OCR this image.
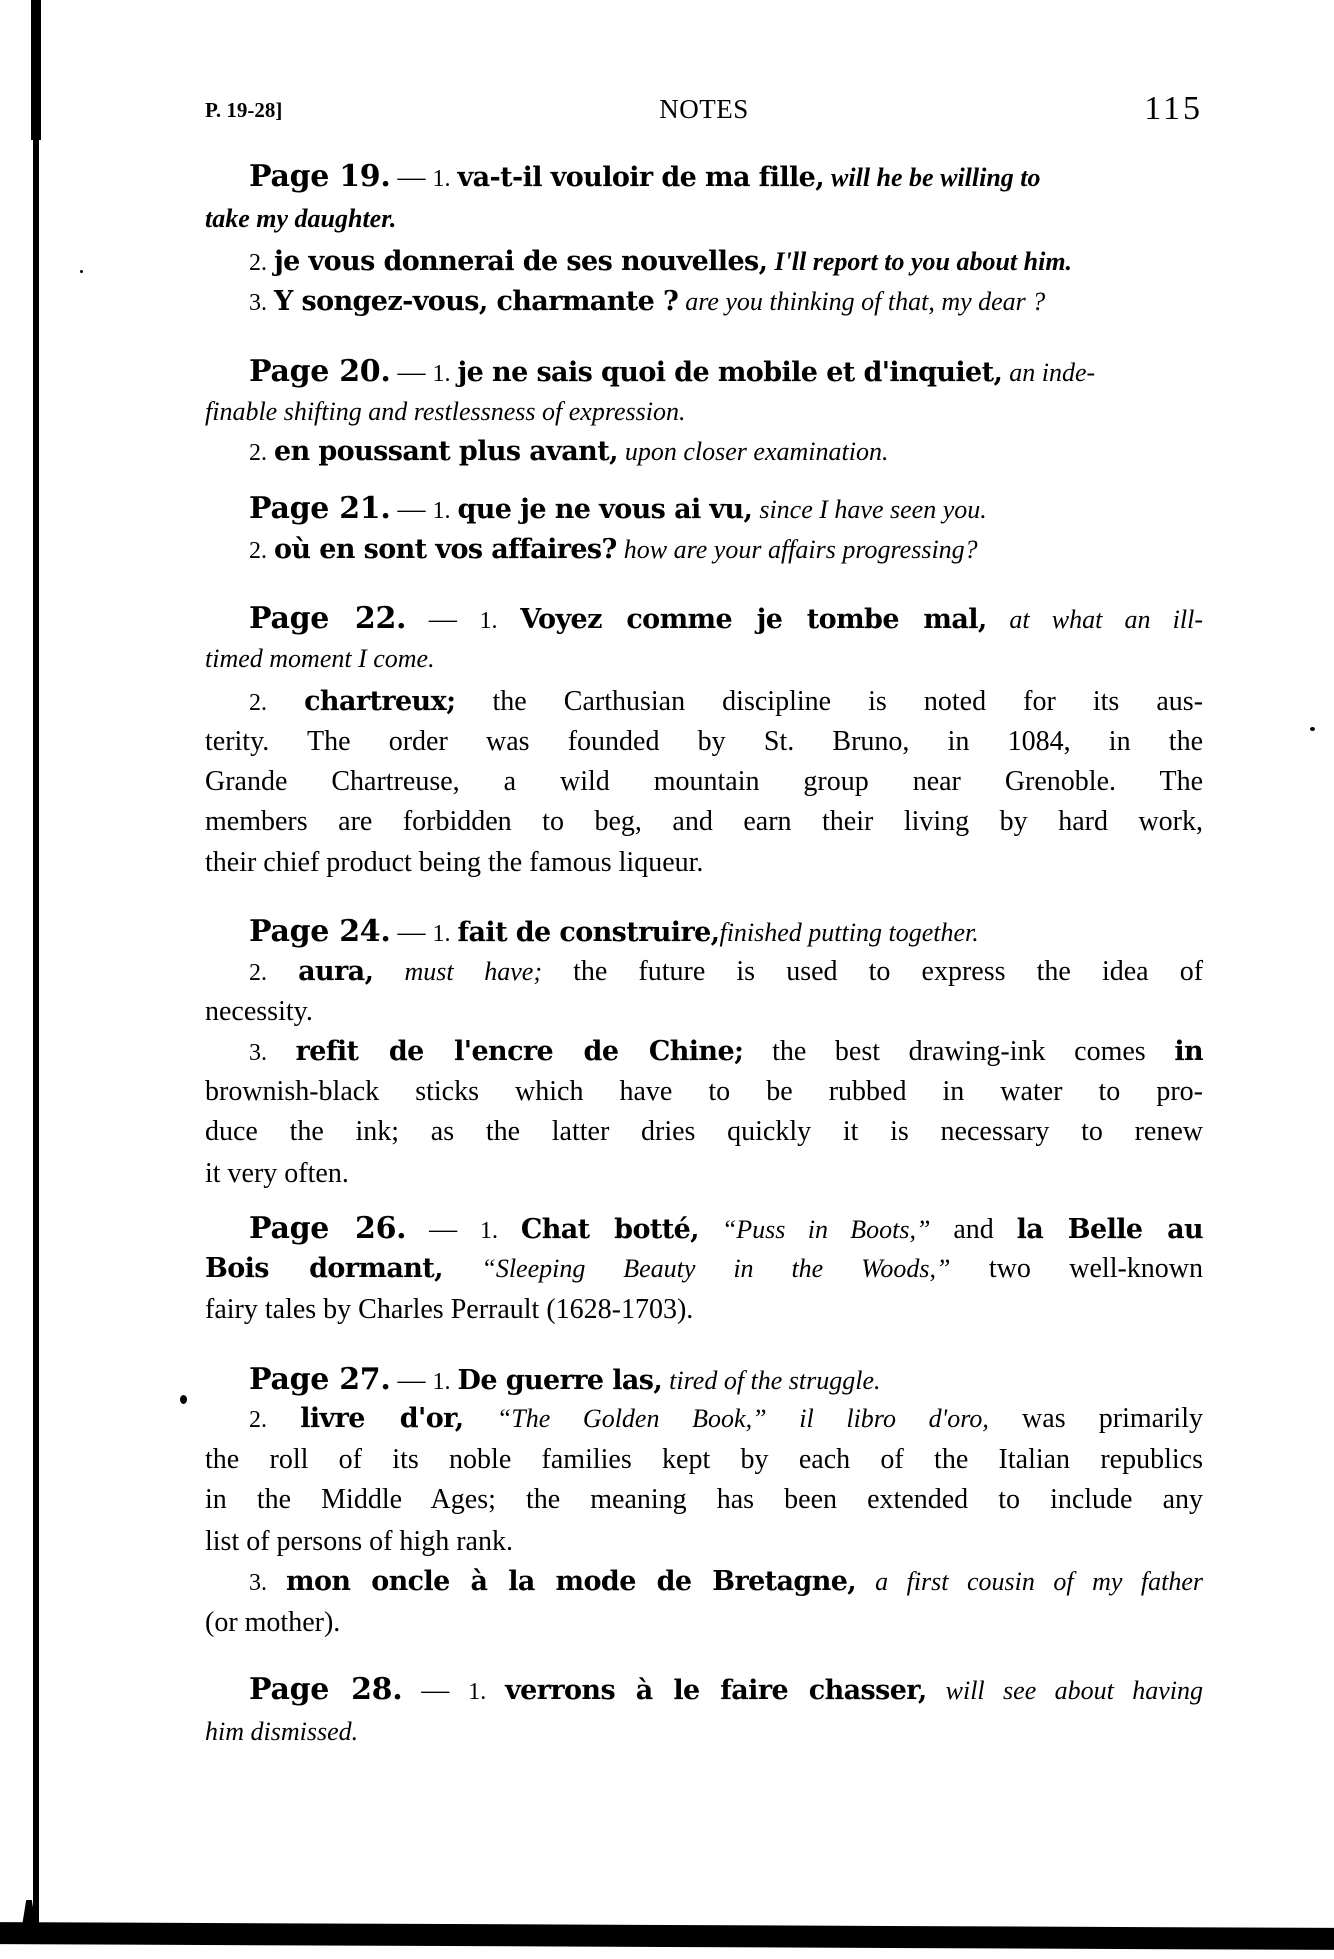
P. 19-28]	NOTES	115
Page 19. — 1. va-t-il vouloir de ma fille, will he be willing to
take my daughter.
2. je vous donnerai de ses nouvelles, I'll report to you about him.
3. Y songez-vous, charmante ? are you thinking of that, my dear ?
Page 20. — 1. je ne sais quoi de mobile et d'inquiet, an inde-
finable shifting and restlessness of expression.
2. en poussant plus avant, upon closer examination.
Page 21. — 1. que je ne vous ai vu, since I have seen you.
2. où en sont vos affaires? how are your affairs progressing?
Page 22. — 1. Voyez comme je tombe mal, at what an ill-
timed moment I come.
2. chartreux; the Carthusian discipline is noted for its aus-
terity. The order was founded by St. Bruno, in 1084, in the
Grande Chartreuse, a wild mountain group near Grenoble. The
members are forbidden to beg, and earn their living by hard work,
their chief product being the famous liqueur.
Page 24. — 1. fait de construire,finished putting together.
2. aura, must have; the future is used to express the idea of
necessity.
3. refit de l'encre de Chine; the best drawing-ink comes in
brownish-black sticks which have to be rubbed in water to pro-
duce the ink; as the latter dries quickly it is necessary to renew
it very often.
Page 26. — 1. Chat botté, “Puss in Boots,” and la Belle au
Bois dormant, “Sleeping Beauty in the Woods,” two well-known
fairy tales by Charles Perrault (1628-1703).
Page 27. — 1. De guerre las, tired of the struggle.
2. livre d'or, “The Golden Book,” il libro d'oro, was primarily
the roll of its noble families kept by each of the Italian republics
in the Middle Ages; the meaning has been extended to include any
list of persons of high rank.
3. mon oncle à la mode de Bretagne, a first cousin of my father
(or mother).
Page 28. — 1. verrons à le faire chasser, will see about having
him dismissed.
